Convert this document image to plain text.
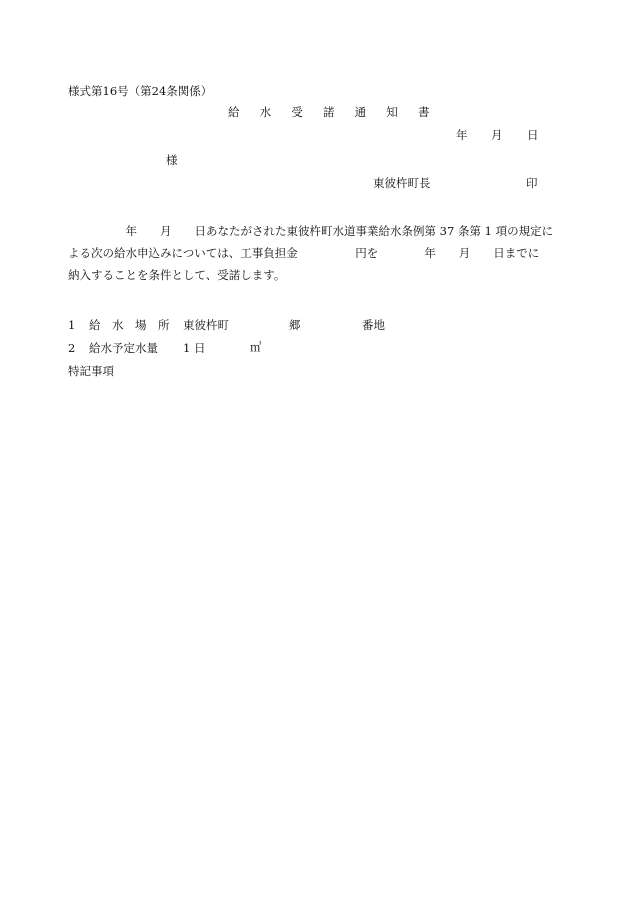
様式第16号（第24条関係）
給 水 受 諾 通 知 書
年 月 日
様
東彼杵町長	印
　　　　　年　　月　　日あなたがされた東彼杵町水道事業給水条例第 37 条第 1 項の規定に
よる次の給水申込みについては、工事負担金　　　　　円を　　　　年　　月　　日までに
納入することを条件として、受諾します。
1 給　水　場　所 東彼杵町	郷	番地
2 給水予定水量 1 日	㎥
特記事項
